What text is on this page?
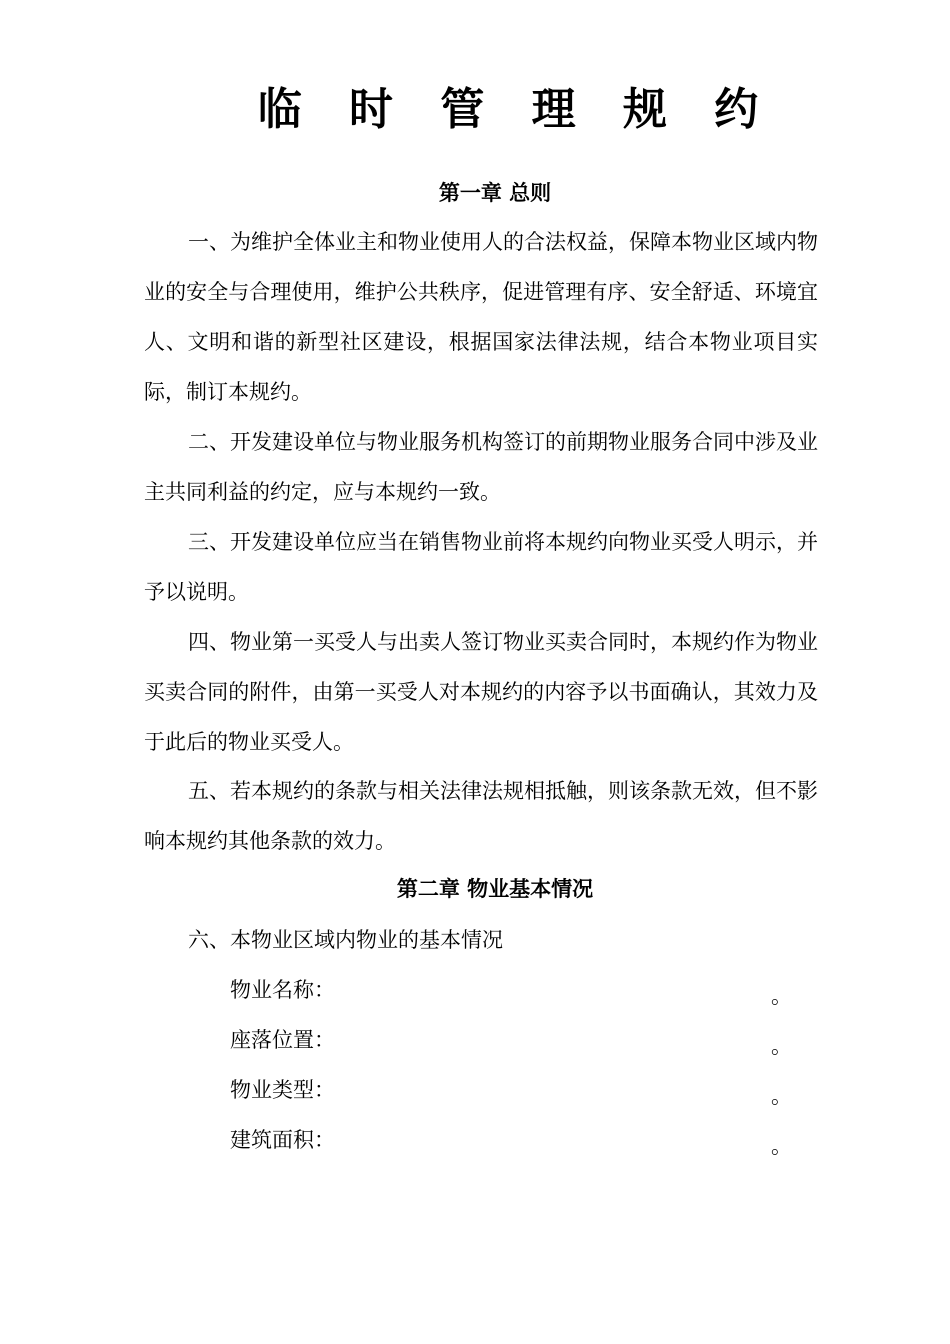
临 时 管 理 规 约
第一章 总则
一、为维护全体业主和物业使用人的合法权益，保障本物业区域内物业的安全与合理使用，维护公共秩序，促进管理有序、安全舒适、环境宜人、文明和谐的新型社区建设，根据国家法律法规，结合本物业项目实际，制订本规约。
二、开发建设单位与物业服务机构签订的前期物业服务合同中涉及业主共同利益的约定，应与本规约一致。
三、开发建设单位应当在销售物业前将本规约向物业买受人明示，并予以说明。
四、物业第一买受人与出卖人签订物业买卖合同时，本规约作为物业买卖合同的附件，由第一买受人对本规约的内容予以书面确认，其效力及于此后的物业买受人。
五、若本规约的条款与相关法律法规相抵触，则该条款无效，但不影响本规约其他条款的效力。
第二章 物业基本情况
六、本物业区域内物业的基本情况
物业名称：	。
座落位置：	。
物业类型：	。
建筑面积：	。
